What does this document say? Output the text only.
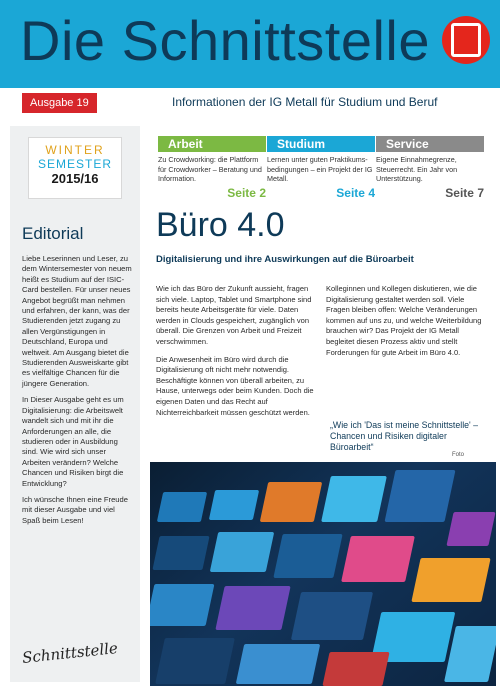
Die Schnittstelle
Ausgabe 19	Informationen der IG Metall für Studium und Beruf
WINTER
SEMESTER
2015/16
Editorial

Liebe Leserinnen und Leser, zu dem Wintersemester von neuem heißt es Studium auf der ISIC-Card bestellen. Für unser neues Angebot begrüßt man nehmen und erfahren, der kann, was der Studierenden jetzt zugang zu allen Vergünstigungen in Deutschland, Europa und weltweit. Am Ausgang bietet die Studierenden Ausweiskarte gibt es vielfältige Chancen für die jüngere Generation.

In Dieser Ausgabe geht es um Digitalisierung: die Arbeitswelt wandelt sich und mit ihr die Anforderungen an alle, die studieren oder in Ausbildung sind. Wie wird sich unser Arbeiten verändern? Welche Chancen und Risiken birgt die Entwicklung?

Ich wünsche Ihnen eine Freude mit dieser Ausgabe und viel Spaß beim Lesen!

Schnittstelle
Arbeit
Zu Crowdworking: die Plattform für Crowdworker – Beratung und Information.
Seite 2
Studium
Lernen unter guten Praktikums-bedingungen – ein Projekt der IG Metall.
Seite 4
Service
Eigene Einnahmegrenze, Steuerrecht. Ein Jahr von Unterstützung.
Seite 7
Büro 4.0
Digitalisierung und ihre Auswirkungen auf die Büroarbeit

Wie ich das Büro der Zukunft aussieht, fragen sich viele. Laptop, Tablet und Smartphone sind bereits heute Arbeitsgeräte für viele. Daten werden in Clouds gespeichert, zugänglich von überall. Die Grenzen von Arbeit und Freizeit verschwimmen.

Die Anwesenheit im Büro wird durch die Digitalisierung oft nicht mehr notwendig. Beschäftigte können von überall arbeiten, zu Hause, unterwegs oder beim Kunden. Doch die eigenen Daten und das Recht auf Nichterreichbarkeit müssen geschützt werden.

Kolleginnen und Kollegen diskutieren, wie die Digitalisierung gestaltet werden soll. Viele Fragen bleiben offen: Welche Veränderungen kommen auf uns zu, und welche Weiterbildung brauchen wir? Das Projekt der IG Metall begleitet diesen Prozess aktiv und stellt Forderungen für gute Arbeit im Büro 4.0.

„Wie ich 'Das ist meine Schnittstelle' – Chancen und Risiken digitaler Büroarbeit“
Foto
